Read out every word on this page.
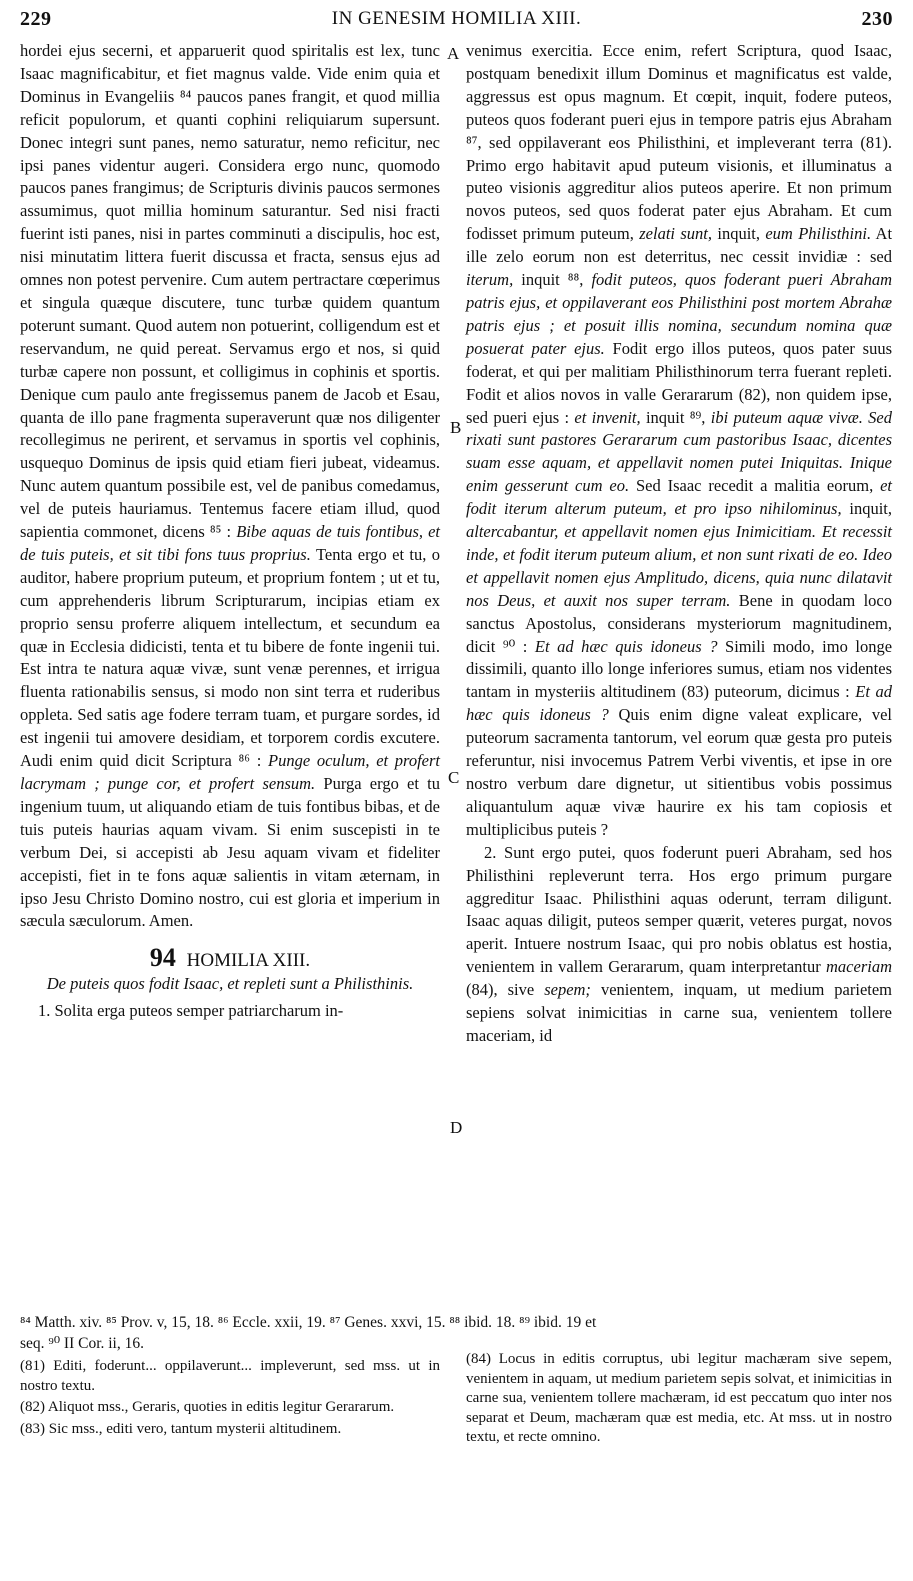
229	IN GENESIM HOMILIA XIII.	230
A
B
C
D

hordei ejus secerni, et apparuerit quod spiritalis est lex, tunc Isaac magnificabitur, et fiet magnus valde. Vide enim quia et Dominus in Evangeliis ⁸⁴ paucos panes frangit, et quod millia reficit populorum, et quanti cophini reliquiarum supersunt. Donec integri sunt panes, nemo saturatur, nemo reficitur, nec ipsi panes videntur augeri. Considera ergo nunc, quomodo paucos panes frangimus; de Scripturis divinis paucos sermones assumimus, quot millia hominum saturantur. Sed nisi fracti fuerint isti panes, nisi in partes comminuti a discipulis, hoc est, nisi minutatim littera fuerit discussa et fracta, sensus ejus ad omnes non potest pervenire. Cum autem pertractare cœperimus et singula quæque discutere, tunc turbæ quidem quantum poterunt sumant. Quod autem non potuerint, colligendum est et reservandum, ne quid pereat. Servamus ergo et nos, si quid turbæ capere non possunt, et colligimus in cophinis et sportis. Denique cum paulo ante fregissemus panem de Jacob et Esau, quanta de illo pane fragmenta superaverunt quæ nos diligenter recollegimus ne perirent, et servamus in sportis vel cophinis, usquequo Dominus de ipsis quid etiam fieri jubeat, videamus. Nunc autem quantum possibile est, vel de panibus comedamus, vel de puteis hauriamus. Tentemus facere etiam illud, quod sapientia commonet, dicens ⁸⁵ : Bibe aquas de tuis fontibus, et de tuis puteis, et sit tibi fons tuus proprius. Tenta ergo et tu, o auditor, habere proprium puteum, et proprium fontem ; ut et tu, cum apprehenderis librum Scripturarum, incipias etiam ex proprio sensu proferre aliquem intellectum, et secundum ea quæ in Ecclesia didicisti, tenta et tu bibere de fonte ingenii tui. Est intra te natura aquæ vivæ, sunt venæ perennes, et irrigua fluenta rationabilis sensus, si modo non sint terra et ruderibus oppleta. Sed satis age fodere terram tuam, et purgare sordes, id est ingenii tui amovere desidiam, et torporem cordis excutere. Audi enim quid dicit Scriptura ⁸⁶ : Punge oculum, et profert lacrymam ; punge cor, et profert sensum. Purga ergo et tu ingenium tuum, ut aliquando etiam de tuis fontibus bibas, et de tuis puteis haurias aquam vivam. Si enim suscepisti in te verbum Dei, si accepisti ab Jesu aquam vivam et fideliter accepisti, fiet in te fons aquæ salientis in vitam æternam, in ipso Jesu Christo Domino nostro, cui est gloria et imperium in sæcula sæculorum. Amen.

94 HOMILIA XIII.
De puteis quos fodit Isaac, et repleti sunt a Philisthinis.

1. Solita erga puteos semper patriarcharum in-

venimus exercitia. Ecce enim, refert Scriptura, quod Isaac, postquam benedixit illum Dominus et magnificatus est valde, aggressus est opus magnum. Et cœpit, inquit, fodere puteos, puteos quos foderant pueri ejus in tempore patris ejus Abraham ⁸⁷, sed oppilaverant eos Philisthini, et impleverant terra (81). Primo ergo habitavit apud puteum visionis, et illuminatus a puteo visionis aggreditur alios puteos aperire. Et non primum novos puteos, sed quos foderat pater ejus Abraham. Et cum fodisset primum puteum, zelati sunt, inquit, eum Philisthini. At ille zelo eorum non est deterritus, nec cessit invidiæ : sed iterum, inquit ⁸⁸, fodit puteos, quos foderant pueri Abraham patris ejus, et oppilaverant eos Philisthini post mortem Abrahæ patris ejus ; et posuit illis nomina, secundum nomina quæ posuerat pater ejus. Fodit ergo illos puteos, quos pater suus foderat, et qui per malitiam Philisthinorum terra fuerant repleti. Fodit et alios novos in valle Gerararum (82), non quidem ipse, sed pueri ejus : et invenit, inquit ⁸⁹, ibi puteum aquæ vivæ. Sed rixati sunt pastores Gerararum cum pastoribus Isaac, dicentes suam esse aquam, et appellavit nomen putei Iniquitas. Inique enim gesserunt cum eo. Sed Isaac recedit a malitia eorum, et fodit iterum alterum puteum, et pro ipso nihilominus, inquit, altercabantur, et appellavit nomen ejus Inimicitiam. Et recessit inde, et fodit iterum puteum alium, et non sunt rixati de eo. Ideo et appellavit nomen ejus Amplitudo, dicens, quia nunc dilatavit nos Deus, et auxit nos super terram. Bene in quodam loco sanctus Apostolus, considerans mysteriorum magnitudinem, dicit ⁹⁰ : Et ad hæc quis idoneus ? Simili modo, imo longe dissimili, quanto illo longe inferiores sumus, etiam nos videntes tantam in mysteriis altitudinem (83) puteorum, dicimus : Et ad hæc quis idoneus ? Quis enim digne valeat explicare, vel puteorum sacramenta tantorum, vel eorum quæ gesta pro puteis referuntur, nisi invocemus Patrem Verbi viventis, et ipse in ore nostro verbum dare dignetur, ut sitientibus vobis possimus aliquantulum aquæ vivæ haurire ex his tam copiosis et multiplicibus puteis ?

2. Sunt ergo putei, quos foderunt pueri Abraham, sed hos Philisthini repleverunt terra. Hos ergo primum purgare aggreditur Isaac. Philisthini aquas oderunt, terram diligunt. Isaac aquas diligit, puteos semper quærit, veteres purgat, novos aperit. Intuere nostrum Isaac, qui pro nobis oblatus est hostia, venientem in vallem Gerararum, quam interpretantur maceriam (84), sive sepem; venientem, inquam, ut medium parietem sepiens solvat inimicitias in carne sua, venientem tollere maceriam, id

⁸⁴ Matth. xiv. ⁸⁵ Prov. v, 15, 18. ⁸⁶ Eccle. xxii, 19. ⁸⁷ Genes. xxvi, 15. ⁸⁸ ibid. 18. ⁸⁹ ibid. 19 et
seq. ⁹⁰ II Cor. ii, 16.

(81) Editi, foderunt... oppilaverunt... impleverunt, sed mss. ut in nostro textu.

(82) Aliquot mss., Geraris, quoties in editis legitur Gerararum.

(83) Sic mss., editi vero, tantum mysterii altitudinem.

(84) Locus in editis corruptus, ubi legitur machæram sive sepem, venientem in aquam, ut medium parietem sepis solvat, et inimicitias in carne sua, venientem tollere machæram, id est peccatum quo inter nos separat et Deum, machæram quæ est media, etc. At mss. ut in nostro textu, et recte omnino.
